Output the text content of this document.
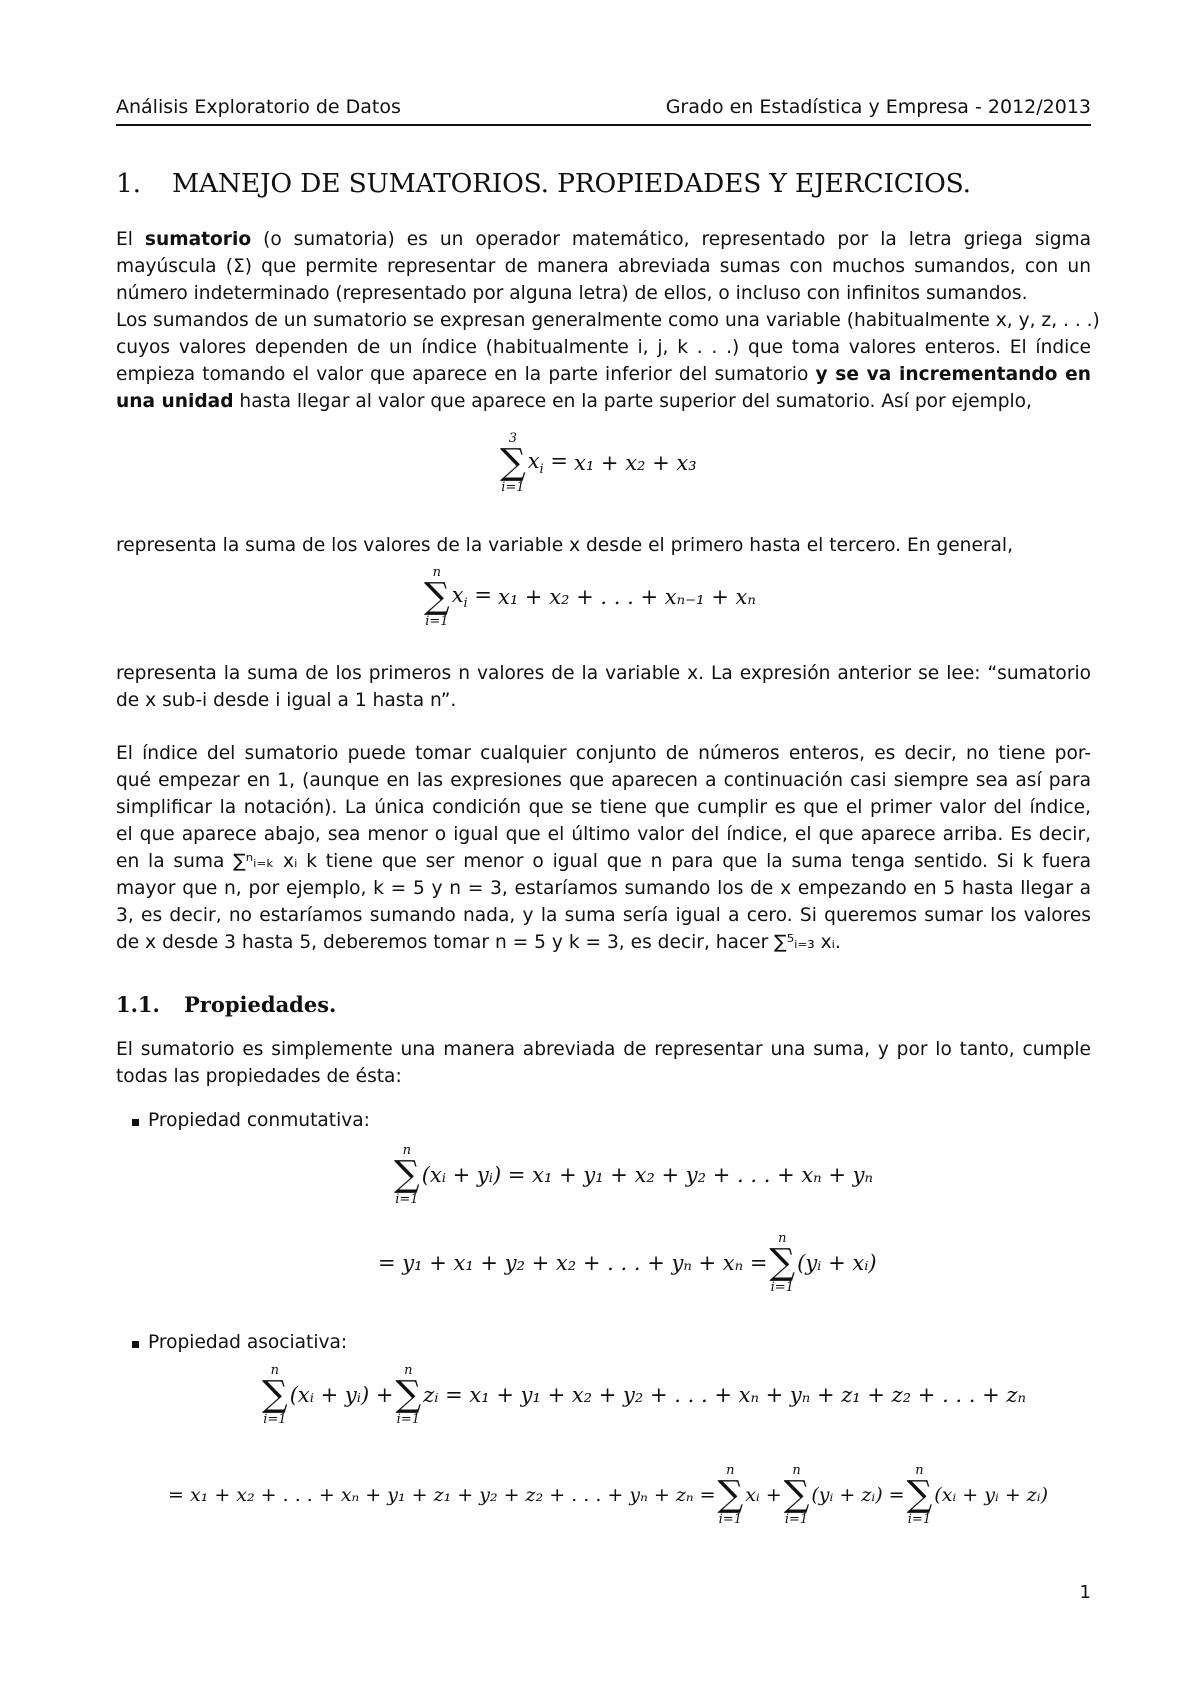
Análisis Exploratorio de Datos	Grado en Estadística y Empresa - 2012/2013
1. MANEJO DE SUMATORIOS. PROPIEDADES Y EJERCICIOS.
El sumatorio (o sumatoria) es un operador matemático, representado por la letra griega sigma
mayúscula (Σ) que permite representar de manera abreviada sumas con muchos sumandos, con un
número indeterminado (representado por alguna letra) de ellos, o incluso con infinitos sumandos.
Los sumandos de un sumatorio se expresan generalmente como una variable (habitualmente x, y, z, . . .)
cuyos valores dependen de un índice (habitualmente i, j, k . . .) que toma valores enteros. El índice
empieza tomando el valor que aparece en la parte inferior del sumatorio y se va incrementando en
una unidad hasta llegar al valor que aparece en la parte superior del sumatorio. Así por ejemplo,
3
∑
i=1
$x_i = x_1 + x_2 + x_3$
representa la suma de los valores de la variable x desde el primero hasta el tercero. En general,
n
∑
i=1
$x_i = x_1 + x_2$ + . . . + xₙ₋₁ + xₙ
representa la suma de los primeros n valores de la variable x. La expresión anterior se lee: “sumatorio
de x sub-i desde i igual a 1 hasta n”.
El índice del sumatorio puede tomar cualquier conjunto de números enteros, es decir, no tiene por-
qué empezar en 1, (aunque en las expresiones que aparecen a continuación casi siempre sea así para
simplificar la notación). La única condición que se tiene que cumplir es que el primer valor del índice,
el que aparece abajo, sea menor o igual que el último valor del índice, el que aparece arriba. Es decir,
en la suma ∑ⁿᵢ₌ₖ xᵢ k tiene que ser menor o igual que n para que la suma tenga sentido. Si k fuera
mayor que n, por ejemplo, k = 5 y n = 3, estaríamos sumando los de x empezando en 5 hasta llegar a
3, es decir, no estaríamos sumando nada, y la suma sería igual a cero. Si queremos sumar los valores
de x desde 3 hasta 5, deberemos tomar n = 5 y k = 3, es decir, hacer ∑⁵ᵢ₌₃ xᵢ.
1.1. Propiedades.
El sumatorio es simplemente una manera abreviada de representar una suma, y por lo tanto, cumple
todas las propiedades de ésta:
Propiedad conmutativa:
n
∑
i=1
(xᵢ + yᵢ) = x₁ + y₁ + x₂ + y₂ + . . . + xₙ + yₙ
= y₁ + x₁ + y₂ + x₂ + . . . + yₙ + xₙ =
n
∑
i=1
(yᵢ + xᵢ)
Propiedad asociativa:
n
∑
i=1
(xᵢ + yᵢ) +
n
∑
i=1
zᵢ = x₁ + y₁ + x₂ + y₂ + . . . + xₙ + yₙ + z₁ + z₂ + . . . + zₙ
= x₁ + x₂ + . . . + xₙ + y₁ + z₁ + y₂ + z₂ + . . . + yₙ + zₙ =
n
∑
i=1
xᵢ +
n
∑
i=1
(yᵢ + zᵢ) =
n
∑
i=1
(xᵢ + yᵢ + zᵢ)
1
